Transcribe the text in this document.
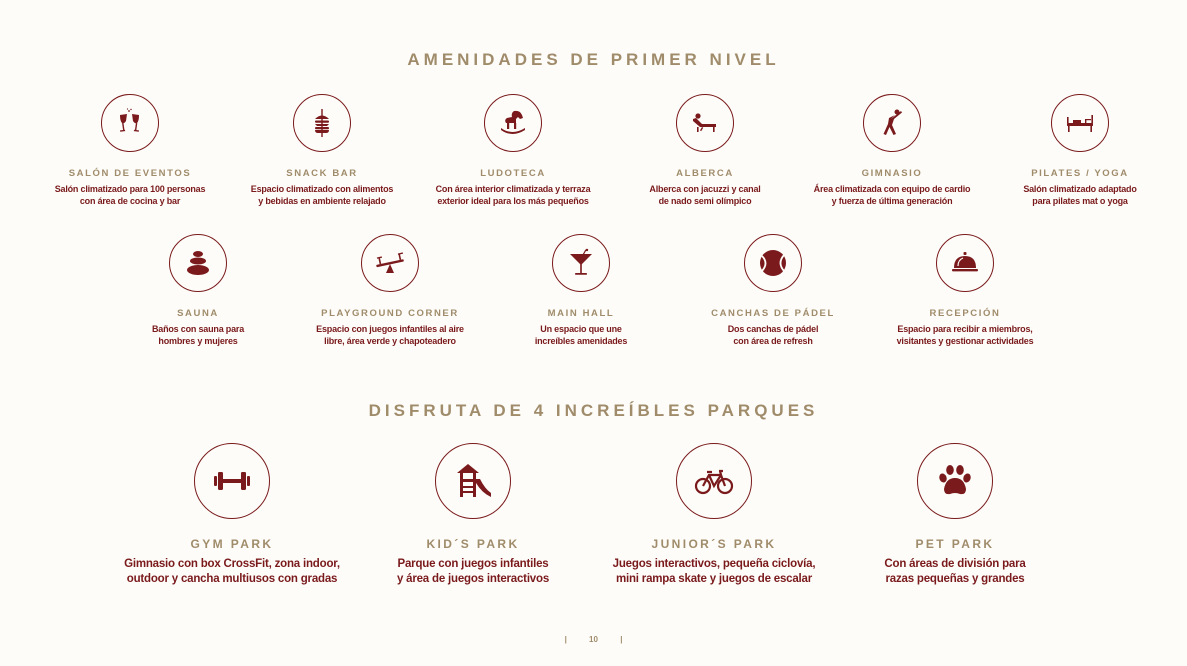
AMENIDADES DE PRIMER NIVEL
SALÓN DE EVENTOS
Salón climatizado para 100 personas
con área de cocina y bar
SNACK BAR
Espacio climatizado con alimentos
y bebidas en ambiente relajado
LUDOTECA
Con área interior climatizada y terraza
exterior ideal para los más pequeños
ALBERCA
Alberca con jacuzzi y canal
de nado semi olímpico
GIMNASIO
Área climatizada con equipo de cardio
y fuerza de última generación
PILATES / YOGA
Salón climatizado adaptado
para pilates mat o yoga
SAUNA
Baños con sauna para
hombres y mujeres
PLAYGROUND CORNER
Espacio con juegos infantiles al aire
libre, área verde y chapoteadero
MAIN HALL
Un espacio que une
increíbles amenidades
CANCHAS DE PÁDEL
Dos canchas de pádel
con área de refresh
RECEPCIÓN
Espacio para recibir a miembros,
visitantes y gestionar actividades
DISFRUTA DE 4 INCREÍBLES PARQUES
GYM PARK
Gimnasio con box CrossFit, zona indoor,
outdoor y cancha multiusos con gradas
KID´S PARK
Parque con juegos infantiles
y área de juegos interactivos
JUNIOR´S PARK
Juegos interactivos, pequeña ciclovía,
mini rampa skate y juegos de escalar
PET PARK
Con áreas de división para
razas pequeñas y grandes
|	10	|
